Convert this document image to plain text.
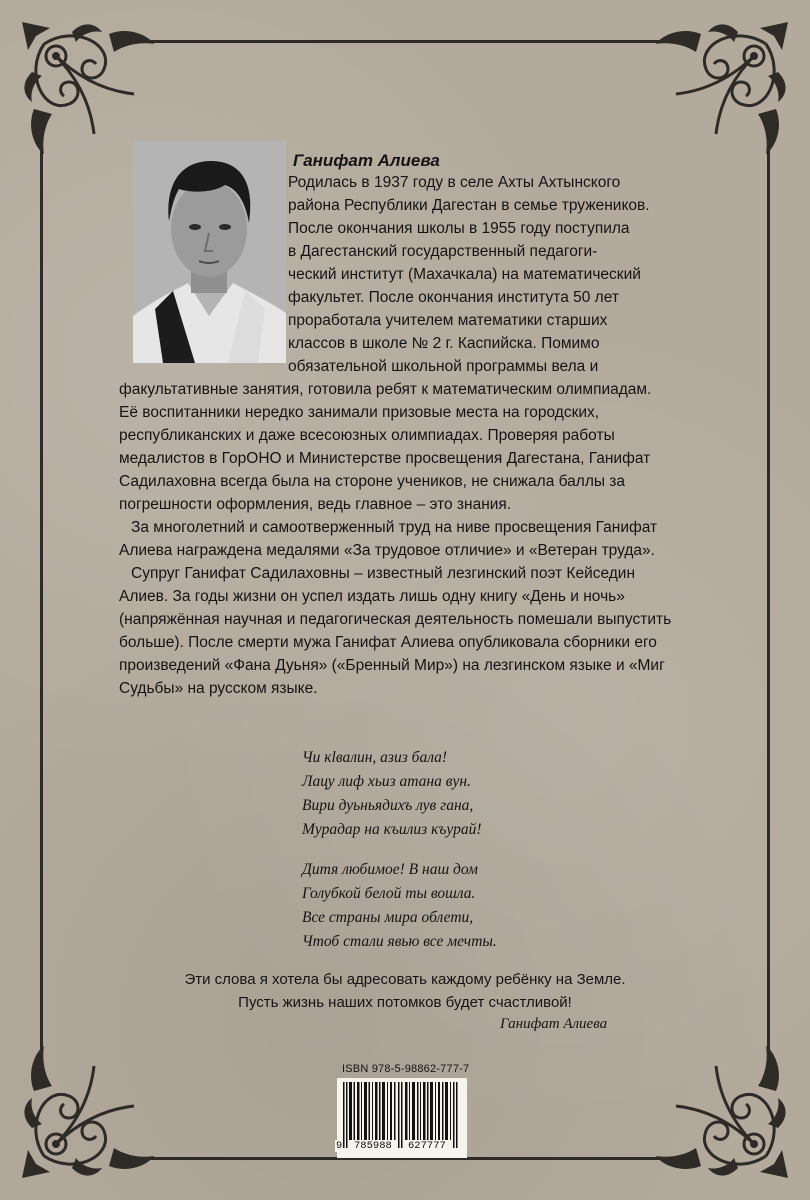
Ганифат Алиева
Родилась в 1937 году в селе Ахты Ахтынского
района Республики Дагестан в семье тружеников.
После окончания школы в 1955 году поступила
в Дагестанский государственный педагоги-
ческий институт (Махачкала) на математический
факультет. После окончания института 50 лет
проработала учителем математики старших
классов в школе № 2 г. Каспийска. Помимо
обязательной школьной программы вела и
факультативные занятия, готовила ребят к математическим олимпиадам.
Её воспитанники нередко занимали призовые места на городских,
республиканских и даже всесоюзных олимпиадах. Проверяя работы
медалистов в ГорОНО и Министерстве просвещения Дагестана, Ганифат
Садилаховна всегда была на стороне учеников, не снижала баллы за
погрешности оформления, ведь главное – это знания.
За многолетний и самоотверженный труд на ниве просвещения Ганифат
Алиева награждена медалями «За трудовое отличие» и «Ветеран труда».
Супруг Ганифат Садилаховны – известный лезгинский поэт Кейседин
Алиев. За годы жизни он успел издать лишь одну книгу «День и ночь»
(напряжённая научная и педагогическая деятельность помешали выпустить
больше). После смерти мужа Ганифат Алиева опубликовала сборники его
произведений «Фана Дуьня» («Бренный Мир») на лезгинском языке и «Миг
Судьбы» на русском языке.
Чи кӏвалин, азиз бала!
Лацу лиф хьиз атана вун.
Вири дуьньядихъ лув гана,
Мурадар на къилиз къурай!
Дитя любимое! В наш дом
Голубкой белой ты вошла.
Все страны мира облети,
Чтоб стали явью все мечты.
Эти слова я хотела бы адресовать каждому ребёнку на Земле.
Пусть жизнь наших потомков будет счастливой!
Ганифат Алиева
ISBN 978-5-98862-777-7
9 785988 627777
